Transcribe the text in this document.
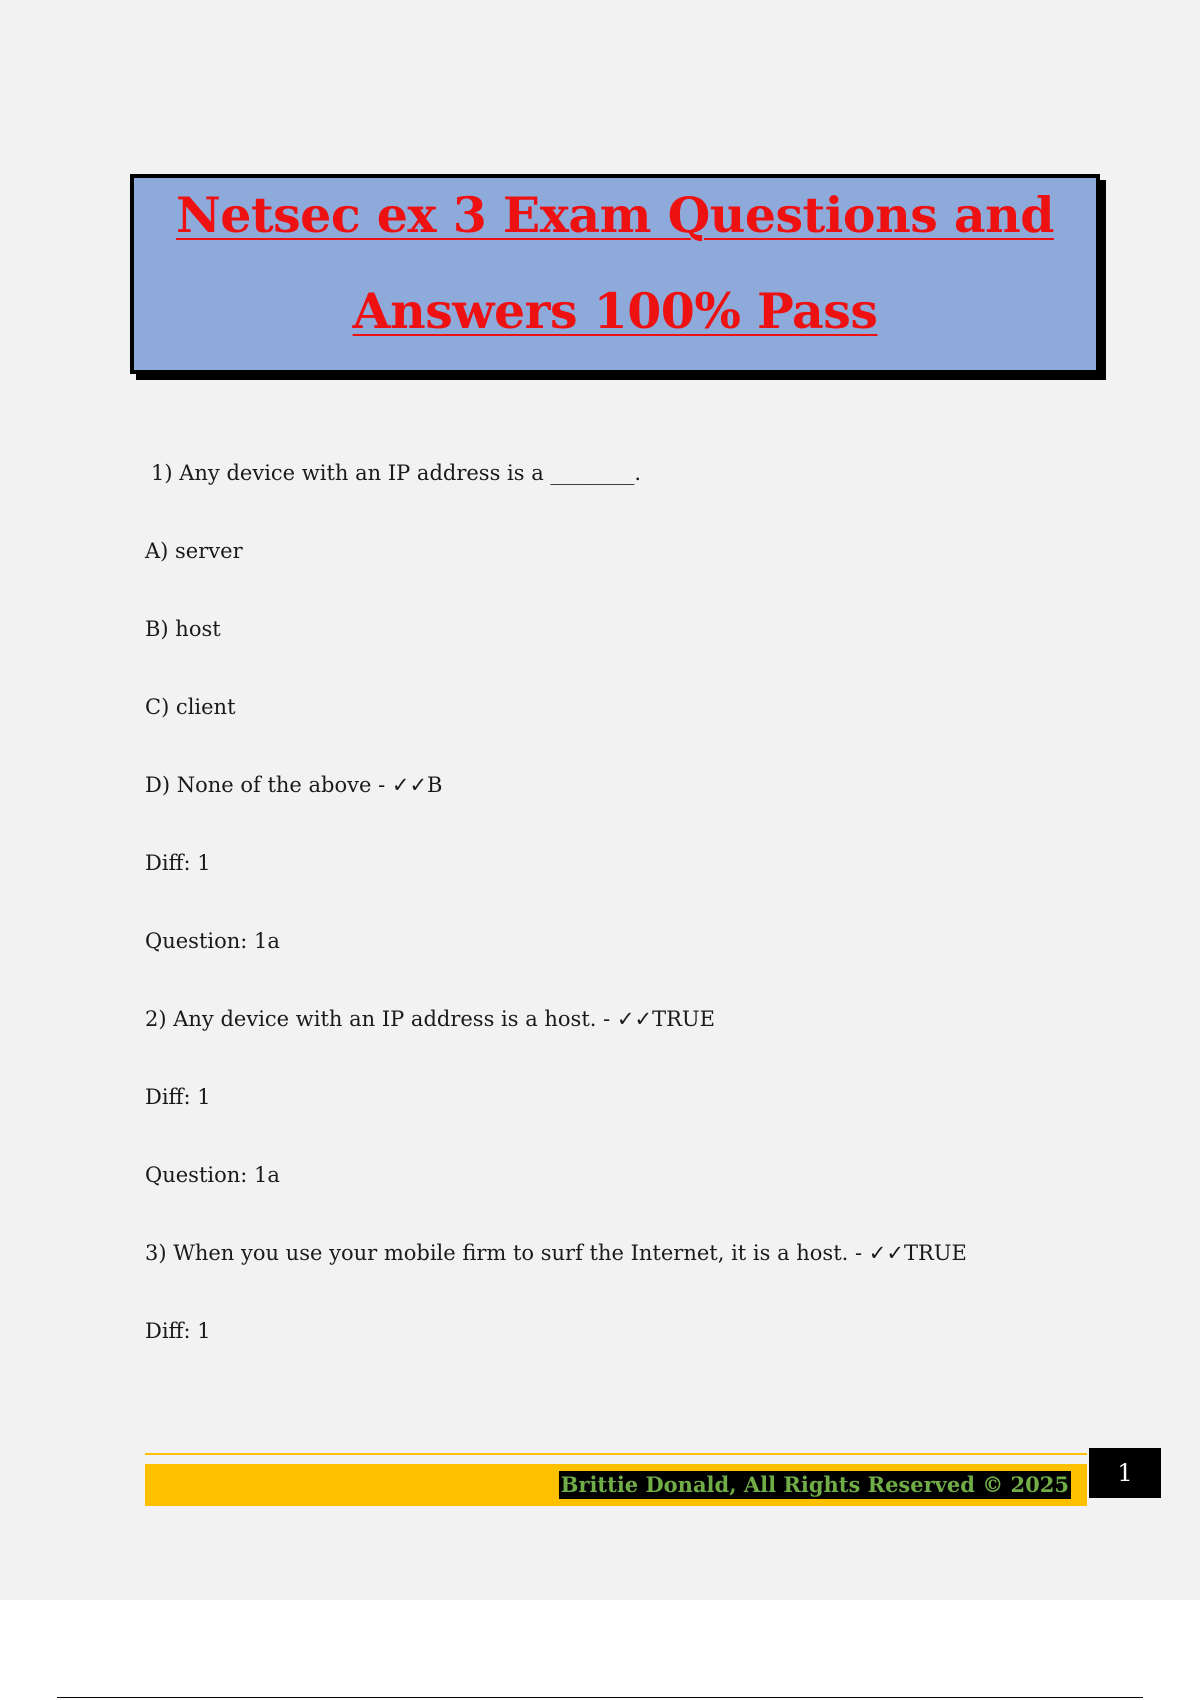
Netsec ex 3 Exam Questions and
Answers 100% Pass
1) Any device with an IP address is a ________.
A) server
B) host
C) client
D) None of the above - ✓✓B
Diff: 1
Question: 1a
2) Any device with an IP address is a host. - ✓✓TRUE
Diff: 1
Question: 1a
3) When you use your mobile firm to surf the Internet, it is a host. - ✓✓TRUE
Diff: 1
Brittie Donald, All Rights Reserved © 2025	1
